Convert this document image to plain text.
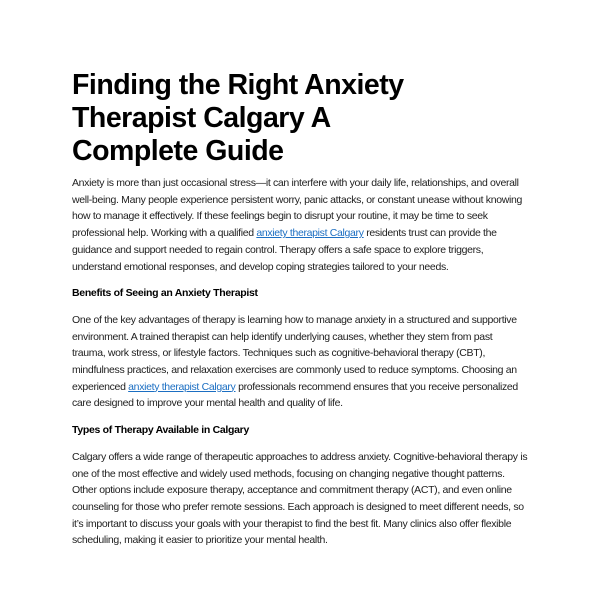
Finding the Right Anxiety
Therapist Calgary A
Complete Guide

Anxiety is more than just occasional stress—it can interfere with your daily life, relationships, and overall well-being. Many people experience persistent worry, panic attacks, or constant unease without knowing how to manage it effectively. If these feelings begin to disrupt your routine, it may be time to seek professional help. Working with a qualified anxiety therapist Calgary residents trust can provide the guidance and support needed to regain control. Therapy offers a safe space to explore triggers, understand emotional responses, and develop coping strategies tailored to your needs.

Benefits of Seeing an Anxiety Therapist

One of the key advantages of therapy is learning how to manage anxiety in a structured and supportive environment. A trained therapist can help identify underlying causes, whether they stem from past trauma, work stress, or lifestyle factors. Techniques such as cognitive-behavioral therapy (CBT), mindfulness practices, and relaxation exercises are commonly used to reduce symptoms. Choosing an experienced anxiety therapist Calgary professionals recommend ensures that you receive personalized care designed to improve your mental health and quality of life.

Types of Therapy Available in Calgary

Calgary offers a wide range of therapeutic approaches to address anxiety. Cognitive-behavioral therapy is one of the most effective and widely used methods, focusing on changing negative thought patterns. Other options include exposure therapy, acceptance and commitment therapy (ACT), and even online counseling for those who prefer remote sessions. Each approach is designed to meet different needs, so it’s important to discuss your goals with your therapist to find the best fit. Many clinics also offer flexible scheduling, making it easier to prioritize your mental health.
